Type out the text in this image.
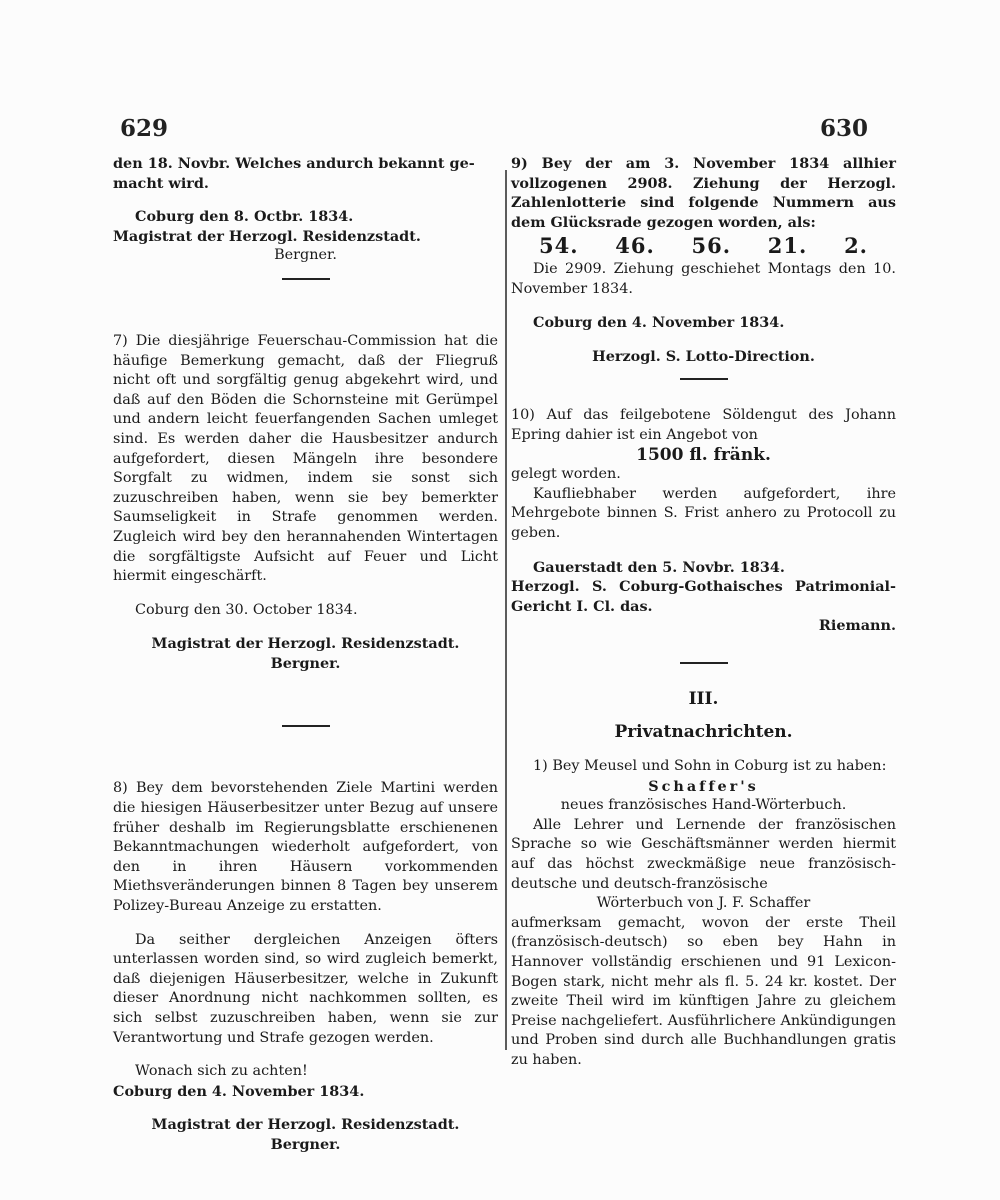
629	630

den 18. Novbr. Welches andurch bekannt ge-

macht wird.

Coburg den 8. Octbr. 1834.

Magistrat der Herzogl. Residenzstadt.

Bergner.

7) Die diesjährige Feuerschau-Commission hat die häufige Bemerkung gemacht, daß der Fliegruß nicht oft und sorgfältig genug abgekehrt wird, und daß auf den Böden die Schornsteine mit Gerümpel und andern leicht feuerfangenden Sachen umleget sind. Es werden daher die Hausbesitzer andurch aufgefordert, diesen Mängeln ihre besondere Sorgfalt zu widmen, indem sie sonst sich zuzuschreiben haben, wenn sie bey bemerkter Saumseligkeit in Strafe genommen werden. Zugleich wird bey den herannahenden Wintertagen die sorgfältigste Aufsicht auf Feuer und Licht hiermit eingeschärft.

Coburg den 30. October 1834.

Magistrat der Herzogl. Residenzstadt.

Bergner.

8) Bey dem bevorstehenden Ziele Martini werden die hiesigen Häuserbesitzer unter Bezug auf unsere früher deshalb im Regierungsblatte erschienenen Bekanntmachungen wiederholt aufgefordert, von den in ihren Häusern vorkommenden Miethsveränderungen binnen 8 Tagen bey unserem Polizey-Bureau Anzeige zu erstatten.

Da seither dergleichen Anzeigen öfters unterlassen worden sind, so wird zugleich bemerkt, daß diejenigen Häuserbesitzer, welche in Zukunft dieser Anordnung nicht nachkommen sollten, es sich selbst zuzuschreiben haben, wenn sie zur Verantwortung und Strafe gezogen werden.

Wonach sich zu achten!

Coburg den 4. November 1834.

Magistrat der Herzogl. Residenzstadt.

Bergner.

9) Bey der am 3. November 1834 allhier vollzogenen 2908. Ziehung der Herzogl. Zahlenlotterie sind folgende Nummern aus dem Glücksrade gezogen worden, als:

54. 46. 56. 21. 2.

Die 2909. Ziehung geschiehet Montags den 10. November 1834.

Coburg den 4. November 1834.

Herzogl. S. Lotto-Direction.

10) Auf das feilgebotene Söldengut des Johann Epring dahier ist ein Angebot von

1500 fl. fränk.

gelegt worden.

Kaufliebhaber werden aufgefordert, ihre Mehrgebote binnen S. Frist anhero zu Protocoll zu geben.

Gauerstadt den 5. Novbr. 1834.

Herzogl. S. Coburg-Gothaisches Patrimonial-Gericht I. Cl. das.

Riemann.

III.

Privatnachrichten.

1) Bey Meusel und Sohn in Coburg ist zu haben:

Schaffer's

neues französisches Hand-Wörterbuch.

Alle Lehrer und Lernende der französischen Sprache so wie Geschäftsmänner werden hiermit auf das höchst zweckmäßige neue französisch-deutsche und deutsch-französische

Wörterbuch von J. F. Schaffer

aufmerksam gemacht, wovon der erste Theil (französisch-deutsch) so eben bey Hahn in Hannover vollständig erschienen und 91 Lexicon-Bogen stark, nicht mehr als fl. 5. 24 kr. kostet. Der zweite Theil wird im künftigen Jahre zu gleichem Preise nachgeliefert. Ausführlichere Ankündigungen und Proben sind durch alle Buchhandlungen gratis zu haben.
